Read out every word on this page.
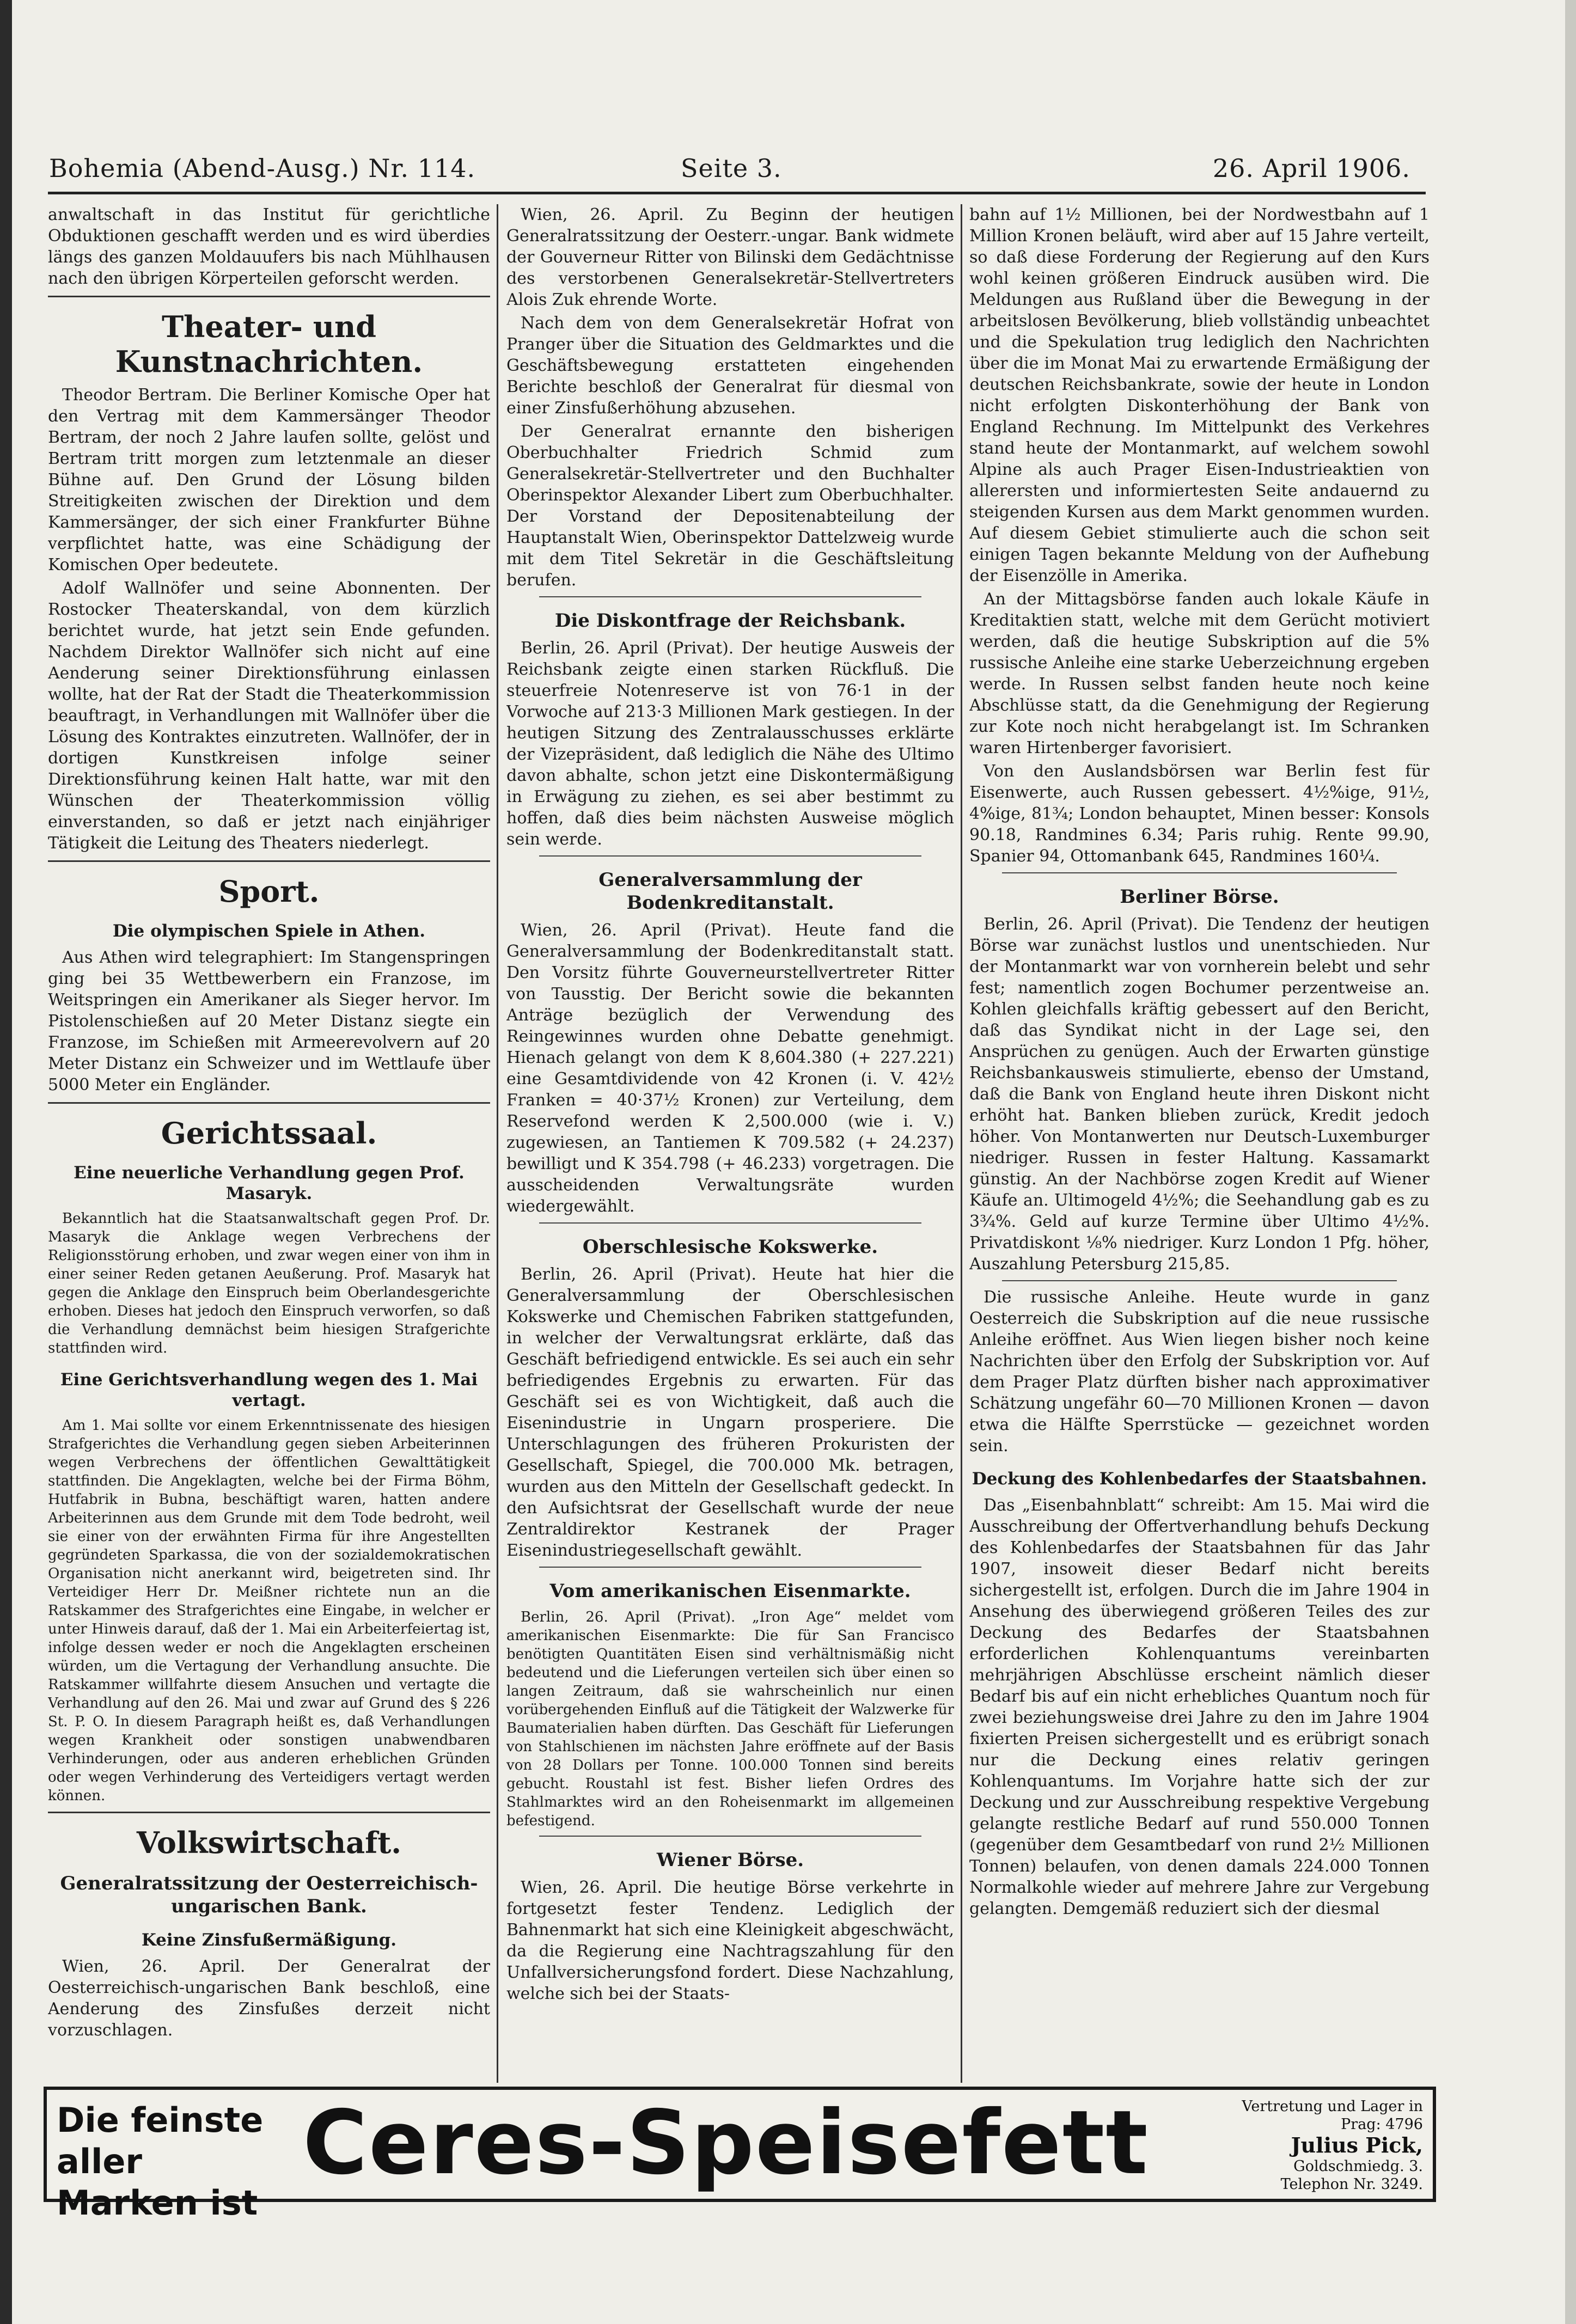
Bohemia (Abend-Ausg.) Nr. 114.	Seite 3.	26. April 1906.

anwaltschaft in das Institut für gerichtliche Obduktionen geschafft werden und es wird überdies längs des ganzen Moldauufers bis nach Mühlhausen nach den übrigen Körperteilen geforscht werden.

Theater- und Kunstnachrichten.

Theodor Bertram. Die Berliner Komische Oper hat den Vertrag mit dem Kammersänger Theodor Bertram, der noch 2 Jahre laufen sollte, gelöst und Bertram tritt morgen zum letztenmale an dieser Bühne auf. Den Grund der Lösung bilden Streitigkeiten zwischen der Direktion und dem Kammersänger, der sich einer Frankfurter Bühne verpflichtet hatte, was eine Schädigung der Komischen Oper bedeutete.

Adolf Wallnöfer und seine Abonnenten. Der Rostocker Theaterskandal, von dem kürzlich berichtet wurde, hat jetzt sein Ende gefunden. Nachdem Direktor Wallnöfer sich nicht auf eine Aenderung seiner Direktionsführung einlassen wollte, hat der Rat der Stadt die Theaterkommission beauftragt, in Verhandlungen mit Wallnöfer über die Lösung des Kontraktes einzutreten. Wallnöfer, der in dortigen Kunstkreisen infolge seiner Direktionsführung keinen Halt hatte, war mit den Wünschen der Theaterkommission völlig einverstanden, so daß er jetzt nach einjähriger Tätigkeit die Leitung des Theaters niederlegt.

Sport.
Die olympischen Spiele in Athen.

Aus Athen wird telegraphiert: Im Stangenspringen ging bei 35 Wettbewerbern ein Franzose, im Weitspringen ein Amerikaner als Sieger hervor. Im Pistolenschießen auf 20 Meter Distanz siegte ein Franzose, im Schießen mit Armeerevolvern auf 20 Meter Distanz ein Schweizer und im Wettlaufe über 5000 Meter ein Engländer.

Gerichtssaal.
Eine neuerliche Verhandlung gegen Prof. Masaryk.

Bekanntlich hat die Staatsanwaltschaft gegen Prof. Dr. Masaryk die Anklage wegen Verbrechens der Religionsstörung erhoben, und zwar wegen einer von ihm in einer seiner Reden getanen Aeußerung. Prof. Masaryk hat gegen die Anklage den Einspruch beim Oberlandesgerichte erhoben. Dieses hat jedoch den Einspruch verworfen, so daß die Verhandlung demnächst beim hiesigen Strafgerichte stattfinden wird.

Eine Gerichtsverhandlung wegen des 1. Mai vertagt.

Am 1. Mai sollte vor einem Erkenntnissenate des hiesigen Strafgerichtes die Verhandlung gegen sieben Arbeiterinnen wegen Verbrechens der öffentlichen Gewalttätigkeit stattfinden. Die Angeklagten, welche bei der Firma Böhm, Hutfabrik in Bubna, beschäftigt waren, hatten andere Arbeiterinnen aus dem Grunde mit dem Tode bedroht, weil sie einer von der erwähnten Firma für ihre Angestellten gegründeten Sparkassa, die von der sozialdemokratischen Organisation nicht anerkannt wird, beigetreten sind. Ihr Verteidiger Herr Dr. Meißner richtete nun an die Ratskammer des Strafgerichtes eine Eingabe, in welcher er unter Hinweis darauf, daß der 1. Mai ein Arbeiterfeiertag ist, infolge dessen weder er noch die Angeklagten erscheinen würden, um die Vertagung der Verhandlung ansuchte. Die Ratskammer willfahrte diesem Ansuchen und vertagte die Verhandlung auf den 26. Mai und zwar auf Grund des § 226 St. P. O. In diesem Paragraph heißt es, daß Verhandlungen wegen Krankheit oder sonstigen unabwendbaren Verhinderungen, oder aus anderen erheblichen Gründen oder wegen Verhinderung des Verteidigers vertagt werden können.

Volkswirtschaft.
Generalratssitzung der Oesterreichisch-ungarischen Bank.
Keine Zinsfußermäßigung.

Wien, 26. April. Der Generalrat der Oesterreichisch-ungarischen Bank beschloß, eine Aenderung des Zinsfußes derzeit nicht vorzuschlagen.

Wien, 26. April. Zu Beginn der heutigen Generalratssitzung der Oesterr.-ungar. Bank widmete der Gouverneur Ritter von Bilinski dem Gedächtnisse des verstorbenen Generalsekretär-Stellvertreters Alois Zuk ehrende Worte.

Nach dem von dem Generalsekretär Hofrat von Pranger über die Situation des Geldmarktes und die Geschäftsbewegung erstatteten eingehenden Berichte beschloß der Generalrat für diesmal von einer Zinsfußerhöhung abzusehen.

Der Generalrat ernannte den bisherigen Oberbuchhalter Friedrich Schmid zum Generalsekretär-Stellvertreter und den Buchhalter Oberinspektor Alexander Libert zum Oberbuchhalter. Der Vorstand der Depositenabteilung der Hauptanstalt Wien, Oberinspektor Dattelzweig wurde mit dem Titel Sekretär in die Geschäftsleitung berufen.

Die Diskontfrage der Reichsbank.

Berlin, 26. April (Privat). Der heutige Ausweis der Reichsbank zeigte einen starken Rückfluß. Die steuerfreie Notenreserve ist von 76·1 in der Vorwoche auf 213·3 Millionen Mark gestiegen. In der heutigen Sitzung des Zentralausschusses erklärte der Vizepräsident, daß lediglich die Nähe des Ultimo davon abhalte, schon jetzt eine Diskontermäßigung in Erwägung zu ziehen, es sei aber bestimmt zu hoffen, daß dies beim nächsten Ausweise möglich sein werde.

Generalversammlung der Bodenkreditanstalt.

Wien, 26. April (Privat). Heute fand die Generalversammlung der Bodenkreditanstalt statt. Den Vorsitz führte Gouverneurstellvertreter Ritter von Tausstig. Der Bericht sowie die bekannten Anträge bezüglich der Verwendung des Reingewinnes wurden ohne Debatte genehmigt. Hienach gelangt von dem K 8,604.380 (+ 227.221) eine Gesamtdividende von 42 Kronen (i. V. 42½ Franken = 40·37½ Kronen) zur Verteilung, dem Reservefond werden K 2,500.000 (wie i. V.) zugewiesen, an Tantiemen K 709.582 (+ 24.237) bewilligt und K 354.798 (+ 46.233) vorgetragen. Die ausscheidenden Verwaltungsräte wurden wiedergewählt.

Oberschlesische Kokswerke.

Berlin, 26. April (Privat). Heute hat hier die Generalversammlung der Oberschlesischen Kokswerke und Chemischen Fabriken stattgefunden, in welcher der Verwaltungsrat erklärte, daß das Geschäft befriedigend entwickle. Es sei auch ein sehr befriedigendes Ergebnis zu erwarten. Für das Geschäft sei es von Wichtigkeit, daß auch die Eisenindustrie in Ungarn prosperiere. Die Unterschlagungen des früheren Prokuristen der Gesellschaft, Spiegel, die 700.000 Mk. betragen, wurden aus den Mitteln der Gesellschaft gedeckt. In den Aufsichtsrat der Gesellschaft wurde der neue Zentraldirektor Kestranek der Prager Eisenindustriegesellschaft gewählt.

Vom amerikanischen Eisenmarkte.

Berlin, 26. April (Privat). „Iron Age“ meldet vom amerikanischen Eisenmarkte: Die für San Francisco benötigten Quantitäten Eisen sind verhältnismäßig nicht bedeutend und die Lieferungen verteilen sich über einen so langen Zeitraum, daß sie wahrscheinlich nur einen vorübergehenden Einfluß auf die Tätigkeit der Walzwerke für Baumaterialien haben dürften. Das Geschäft für Lieferungen von Stahlschienen im nächsten Jahre eröffnete auf der Basis von 28 Dollars per Tonne. 100.000 Tonnen sind bereits gebucht. Roustahl ist fest. Bisher liefen Ordres des Stahlmarktes wird an den Roheisenmarkt im allgemeinen befestigend.

Wiener Börse.

Wien, 26. April. Die heutige Börse verkehrte in fortgesetzt fester Tendenz. Lediglich der Bahnenmarkt hat sich eine Kleinigkeit abgeschwächt, da die Regierung eine Nachtragszahlung für den Unfallversicherungsfond fordert. Diese Nachzahlung, welche sich bei der Staats-

bahn auf 1½ Millionen, bei der Nordwestbahn auf 1 Million Kronen beläuft, wird aber auf 15 Jahre verteilt, so daß diese Forderung der Regierung auf den Kurs wohl keinen größeren Eindruck ausüben wird. Die Meldungen aus Rußland über die Bewegung in der arbeitslosen Bevölkerung, blieb vollständig unbeachtet und die Spekulation trug lediglich den Nachrichten über die im Monat Mai zu erwartende Ermäßigung der deutschen Reichsbankrate, sowie der heute in London nicht erfolgten Diskonterhöhung der Bank von England Rechnung. Im Mittelpunkt des Verkehres stand heute der Montanmarkt, auf welchem sowohl Alpine als auch Prager Eisen-Industrieaktien von allerersten und informiertesten Seite andauernd zu steigenden Kursen aus dem Markt genommen wurden. Auf diesem Gebiet stimulierte auch die schon seit einigen Tagen bekannte Meldung von der Aufhebung der Eisenzölle in Amerika.

An der Mittagsbörse fanden auch lokale Käufe in Kreditaktien statt, welche mit dem Gerücht motiviert werden, daß die heutige Subskription auf die 5% russische Anleihe eine starke Ueberzeichnung ergeben werde. In Russen selbst fanden heute noch keine Abschlüsse statt, da die Genehmigung der Regierung zur Kote noch nicht herabgelangt ist. Im Schranken waren Hirtenberger favorisiert.

Von den Auslandsbörsen war Berlin fest für Eisenwerte, auch Russen gebessert. 4½%ige, 91½, 4%ige, 81¾; London behauptet, Minen besser: Konsols 90.18, Randmines 6.34; Paris ruhig. Rente 99.90, Spanier 94, Ottomanbank 645, Randmines 160¼.

Berliner Börse.

Berlin, 26. April (Privat). Die Tendenz der heutigen Börse war zunächst lustlos und unentschieden. Nur der Montanmarkt war von vornherein belebt und sehr fest; namentlich zogen Bochumer perzentweise an. Kohlen gleichfalls kräftig gebessert auf den Bericht, daß das Syndikat nicht in der Lage sei, den Ansprüchen zu genügen. Auch der Erwarten günstige Reichsbankausweis stimulierte, ebenso der Umstand, daß die Bank von England heute ihren Diskont nicht erhöht hat. Banken blieben zurück, Kredit jedoch höher. Von Montanwerten nur Deutsch-Luxemburger niedriger. Russen in fester Haltung. Kassamarkt günstig. An der Nachbörse zogen Kredit auf Wiener Käufe an. Ultimogeld 4½%; die Seehandlung gab es zu 3¾%. Geld auf kurze Termine über Ultimo 4½%. Privatdiskont ⅛% niedriger. Kurz London 1 Pfg. höher, Auszahlung Petersburg 215,85.

Die russische Anleihe. Heute wurde in ganz Oesterreich die Subskription auf die neue russische Anleihe eröffnet. Aus Wien liegen bisher noch keine Nachrichten über den Erfolg der Subskription vor. Auf dem Prager Platz dürften bisher nach approximativer Schätzung ungefähr 60—70 Millionen Kronen — davon etwa die Hälfte Sperrstücke — gezeichnet worden sein.

Deckung des Kohlenbedarfes der Staatsbahnen.

Das „Eisenbahnblatt“ schreibt: Am 15. Mai wird die Ausschreibung der Offertverhandlung behufs Deckung des Kohlenbedarfes der Staatsbahnen für das Jahr 1907, insoweit dieser Bedarf nicht bereits sichergestellt ist, erfolgen. Durch die im Jahre 1904 in Ansehung des überwiegend größeren Teiles des zur Deckung des Bedarfes der Staatsbahnen erforderlichen Kohlenquantums vereinbarten mehrjährigen Abschlüsse erscheint nämlich dieser Bedarf bis auf ein nicht erhebliches Quantum noch für zwei beziehungsweise drei Jahre zu den im Jahre 1904 fixierten Preisen sichergestellt und es erübrigt sonach nur die Deckung eines relativ geringen Kohlenquantums. Im Vorjahre hatte sich der zur Deckung und zur Ausschreibung respektive Vergebung gelangte restliche Bedarf auf rund 550.000 Tonnen (gegenüber dem Gesamtbedarf von rund 2½ Millionen Tonnen) belaufen, von denen damals 224.000 Tonnen Normalkohle wieder auf mehrere Jahre zur Vergebung gelangten. Demgemäß reduziert sich der diesmal

Die feinste aller
Marken ist
Ceres-Speisefett	Vertretung und Lager in
Prag: 4796
Julius Pick,
Goldschmiedg. 3.
Telephon Nr. 3249.
